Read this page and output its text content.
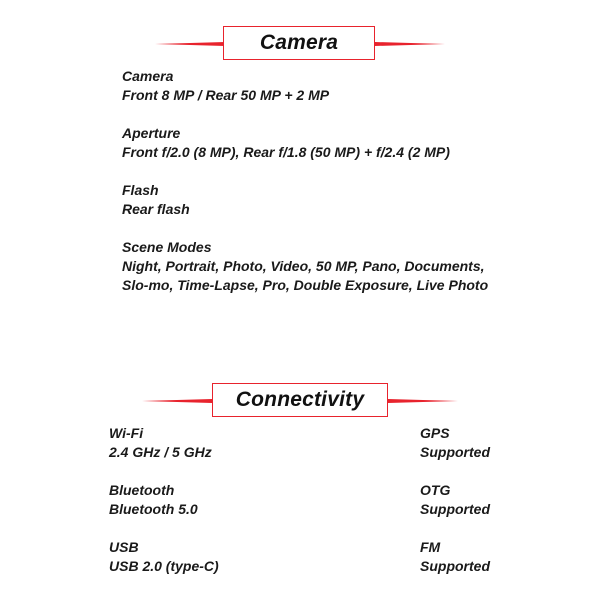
Camera
Camera
Front 8 MP / Rear 50 MP + 2 MP
Aperture
Front f/2.0 (8 MP), Rear f/1.8 (50 MP) + f/2.4 (2 MP)
Flash
Rear flash
Scene Modes
Night, Portrait, Photo, Video, 50 MP, Pano, Documents,
Slo-mo, Time-Lapse, Pro, Double Exposure, Live Photo
Connectivity
Wi-Fi
2.4 GHz / 5 GHz
Bluetooth
Bluetooth 5.0
USB
USB 2.0 (type-C)
GPS
Supported
OTG
Supported
FM
Supported
